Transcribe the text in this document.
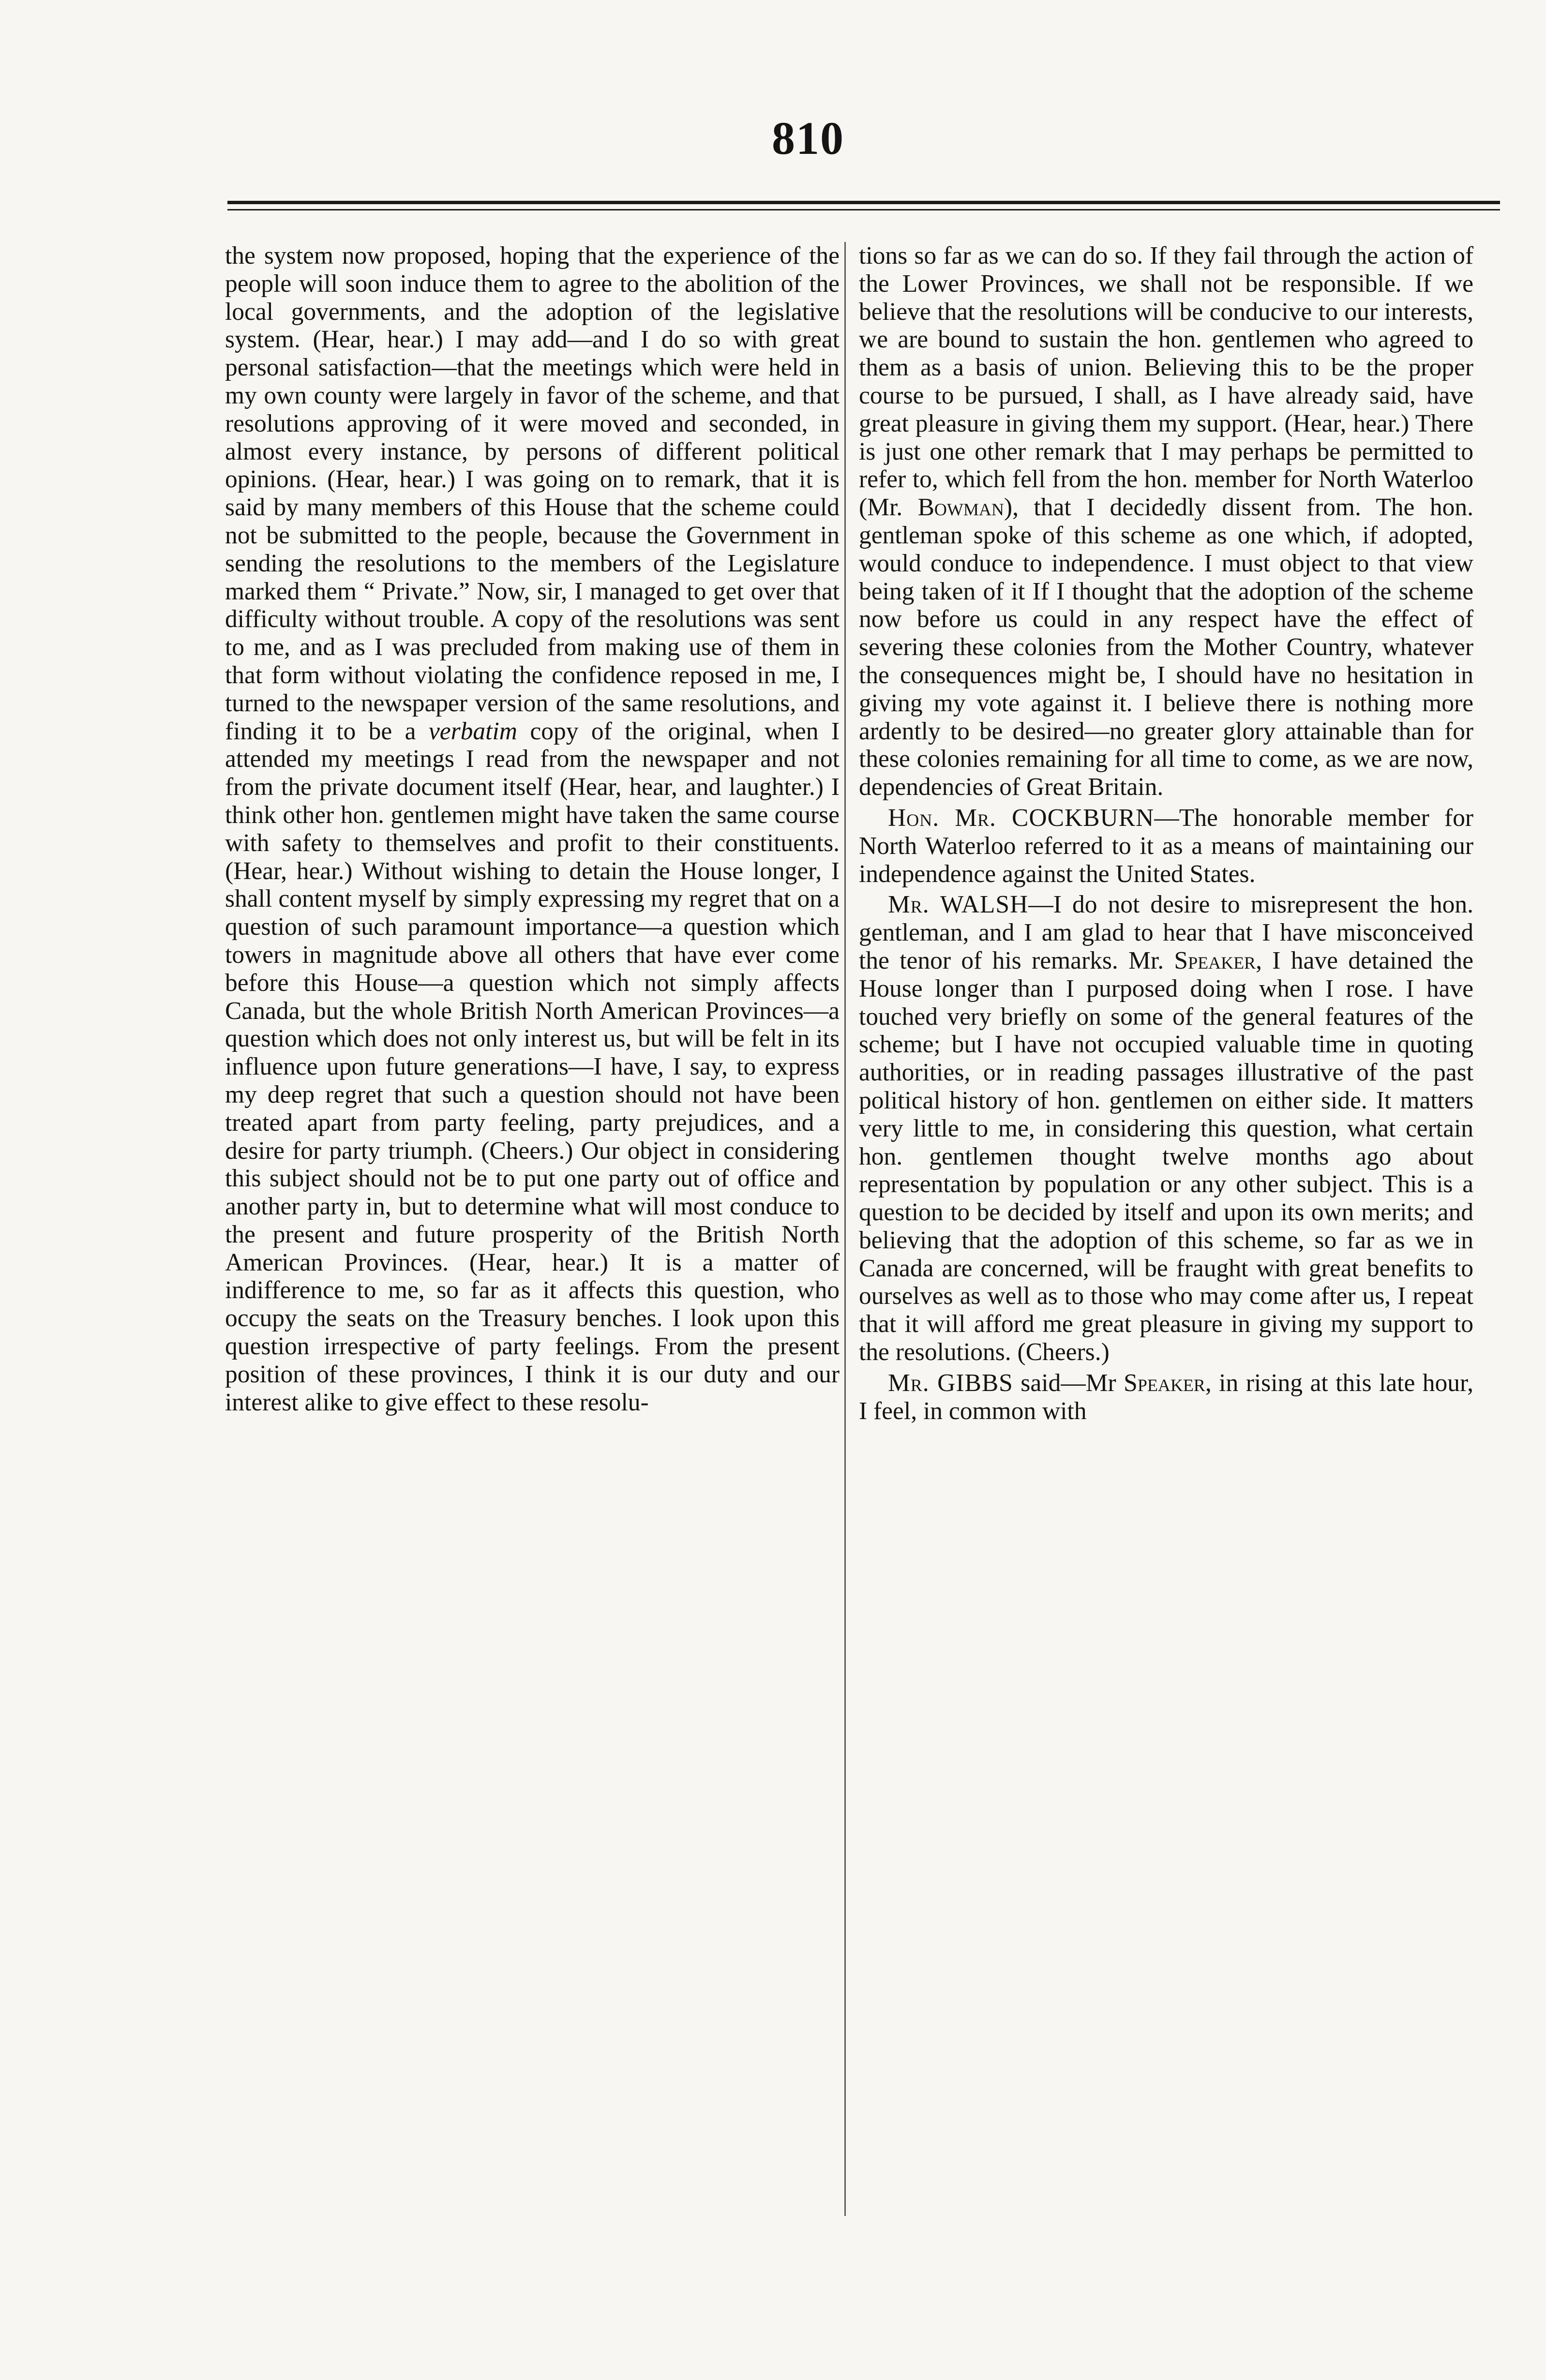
810

the system now proposed, hoping that the experience of the people will soon induce them to agree to the abolition of the local governments, and the adoption of the legislative system. (Hear, hear.) I may add—and I do so with great personal satisfaction—that the meetings which were held in my own county were largely in favor of the scheme, and that resolutions approving of it were moved and seconded, in almost every instance, by persons of different political opinions. (Hear, hear.) I was going on to remark, that it is said by many members of this House that the scheme could not be submitted to the people, because the Government in sending the resolutions to the members of the Legislature marked them “ Private.” Now, sir, I managed to get over that difficulty without trouble. A copy of the resolutions was sent to me, and as I was precluded from making use of them in that form without violating the confidence reposed in me, I turned to the newspaper version of the same resolutions, and finding it to be a verbatim copy of the original, when I attended my meetings I read from the newspaper and not from the private document itself (Hear, hear, and laughter.) I think other hon. gentlemen might have taken the same course with safety to themselves and profit to their constituents. (Hear, hear.) Without wishing to detain the House longer, I shall content myself by simply expressing my regret that on a question of such paramount importance—a question which towers in magnitude above all others that have ever come before this House—a question which not simply affects Canada, but the whole British North American Provinces—a question which does not only interest us, but will be felt in its influence upon future generations—I have, I say, to express my deep regret that such a question should not have been treated apart from party feeling, party prejudices, and a desire for party triumph. (Cheers.) Our object in considering this subject should not be to put one party out of office and another party in, but to determine what will most conduce to the present and future prosperity of the British North American Provinces. (Hear, hear.) It is a matter of indifference to me, so far as it affects this question, who occupy the seats on the Treasury benches. I look upon this question irrespective of party feelings. From the present position of these provinces, I think it is our duty and our interest alike to give effect to these resolu-

tions so far as we can do so. If they fail through the action of the Lower Provinces, we shall not be responsible. If we believe that the resolutions will be conducive to our interests, we are bound to sustain the hon. gentlemen who agreed to them as a basis of union. Believing this to be the proper course to be pursued, I shall, as I have already said, have great pleasure in giving them my support. (Hear, hear.) There is just one other remark that I may perhaps be permitted to refer to, which fell from the hon. member for North Waterloo (Mr. Bowman), that I decidedly dissent from. The hon. gentleman spoke of this scheme as one which, if adopted, would conduce to independence. I must object to that view being taken of it If I thought that the adoption of the scheme now before us could in any respect have the effect of severing these colonies from the Mother Country, whatever the consequences might be, I should have no hesitation in giving my vote against it. I believe there is nothing more ardently to be desired—no greater glory attainable than for these colonies remaining for all time to come, as we are now, dependencies of Great Britain.

Hon. Mr. COCKBURN—The honorable member for North Waterloo referred to it as a means of maintaining our independence against the United States.

Mr. WALSH—I do not desire to misrepresent the hon. gentleman, and I am glad to hear that I have misconceived the tenor of his remarks. Mr. Speaker, I have detained the House longer than I purposed doing when I rose. I have touched very briefly on some of the general features of the scheme; but I have not occupied valuable time in quoting authorities, or in reading passages illustrative of the past political history of hon. gentlemen on either side. It matters very little to me, in considering this question, what certain hon. gentlemen thought twelve months ago about representation by population or any other subject. This is a question to be decided by itself and upon its own merits; and believing that the adoption of this scheme, so far as we in Canada are concerned, will be fraught with great benefits to ourselves as well as to those who may come after us, I repeat that it will afford me great pleasure in giving my support to the resolutions. (Cheers.)

Mr. GIBBS said—Mr Speaker, in rising at this late hour, I feel, in common with
